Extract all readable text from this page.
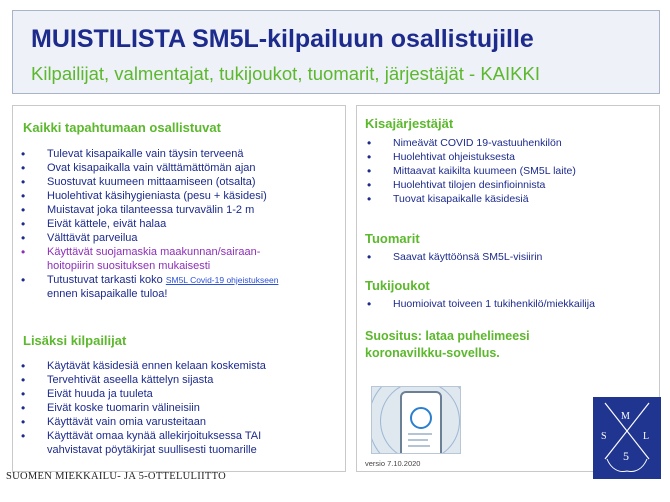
MUISTILISTA SM5L-kilpailuun osallistujille
Kilpailijat, valmentajat, tukijoukot, tuomarit, järjestäjät - KAIKKI
Kaikki tapahtumaan osallistuvat
• Tulevat kisapaikalle vain täysin terveenä
• Ovat kisapaikalla vain välttämättömän ajan
• Suostuvat kuumeen mittaamiseen (otsalta)
• Huolehtivat käsihygieniasta (pesu + käsidesi)
• Muistavat joka tilanteessa turvavälin 1-2 m
• Eivät kättele, eivät halaa
• Välttävät parveilua
• Käyttävät suojamaskia maakunnan/sairaan-
hoitopiirin suosituksen mukaisesti
• Tutustuvat tarkasti koko SM5L Covid-19 ohjeistukseen
ennen kisapaikalle tuloa!
Lisäksi kilpailijat
• Käytävät käsidesiä ennen kelaan koskemista
• Tervehtivät aseella kättelyn sijasta
• Eivät huuda ja tuuleta
• Eivät koske tuomarin välineisiin
• Käyttävät vain omia varusteitaan
• Käyttävät omaa kynää allekirjoituksessa TAI
vahvistavat pöytäkirjat suullisesti tuomarille
Kisajärjestäjät
• Nimeävät COVID 19-vastuuhenkilön
• Huolehtivat ohjeistuksesta
• Mittaavat kaikilta kuumeen (SM5L laite)
• Huolehtivat tilojen desinfioinnista
• Tuovat kisapaikalle käsidesiä
Tuomarit
• Saavat käyttöönsä SM5L-visiirin
Tukijoukot
• Huomioivat toiveen 1 tukihenkilö/miekkailija
Suositus: lataa puhelimeesi
koronavilkku-sovellus.
versio 7.10.2020
SUOMEN MIEKKAILU- JA 5-OTTELULIITTO
M
S	L
5
